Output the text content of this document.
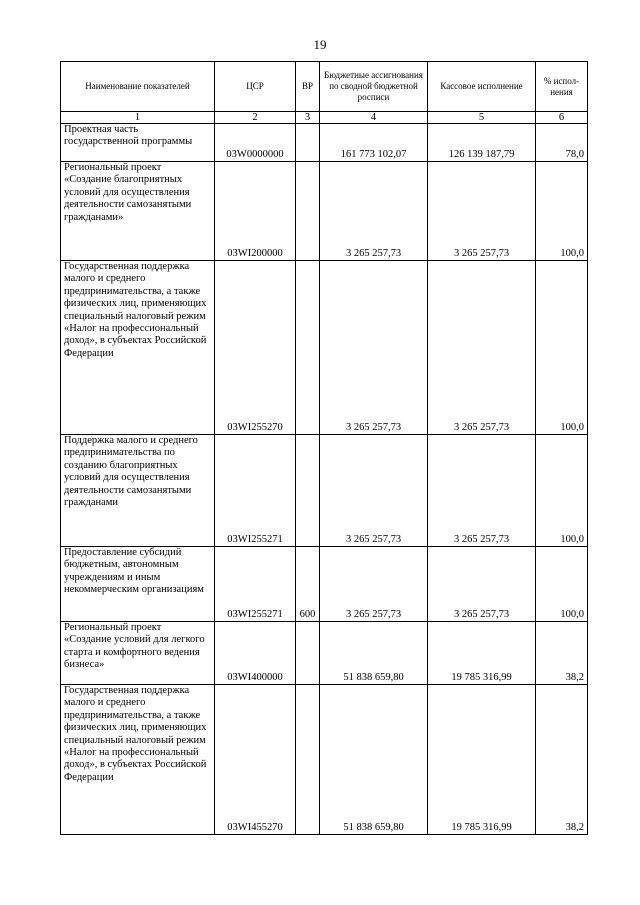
19
Наименование показателей	ЦСР	ВР	Бюджетные ассигнования по сводной бюджетной росписи	Кассовое исполнение	% испол-нения
1	2	3	4	5	6
Проектная часть государственной программы	03W0000000		161 773 102,07	126 139 187,79	78,0
Региональный проект «Создание благоприятных условий для осуществления деятельности самозанятыми гражданами»	03WI200000		3 265 257,73	3 265 257,73	100,0
Государственная поддержка малого и среднего предпринимательства, а также физических лиц, применяющих специальный налоговый режим «Налог на профессиональный доход», в субъектах Российской Федерации	03WI255270		3 265 257,73	3 265 257,73	100,0
Поддержка малого и среднего предпринимательства по созданию благоприятных условий для осуществления деятельности самозанятыми гражданами	03WI255271		3 265 257,73	3 265 257,73	100,0
Предоставление субсидий бюджетным, автономным учреждениям и иным некоммерческим организациям	03WI255271	600	3 265 257,73	3 265 257,73	100,0
Региональный проект «Создание условий для легкого старта и комфортного ведения бизнеса»	03WI400000		51 838 659,80	19 785 316,99	38,2
Государственная поддержка малого и среднего предпринимательства, а также физических лиц, применяющих специальный налоговый режим «Налог на профессиональный доход», в субъектах Российской Федерации	03WI455270		51 838 659,80	19 785 316,99	38,2
